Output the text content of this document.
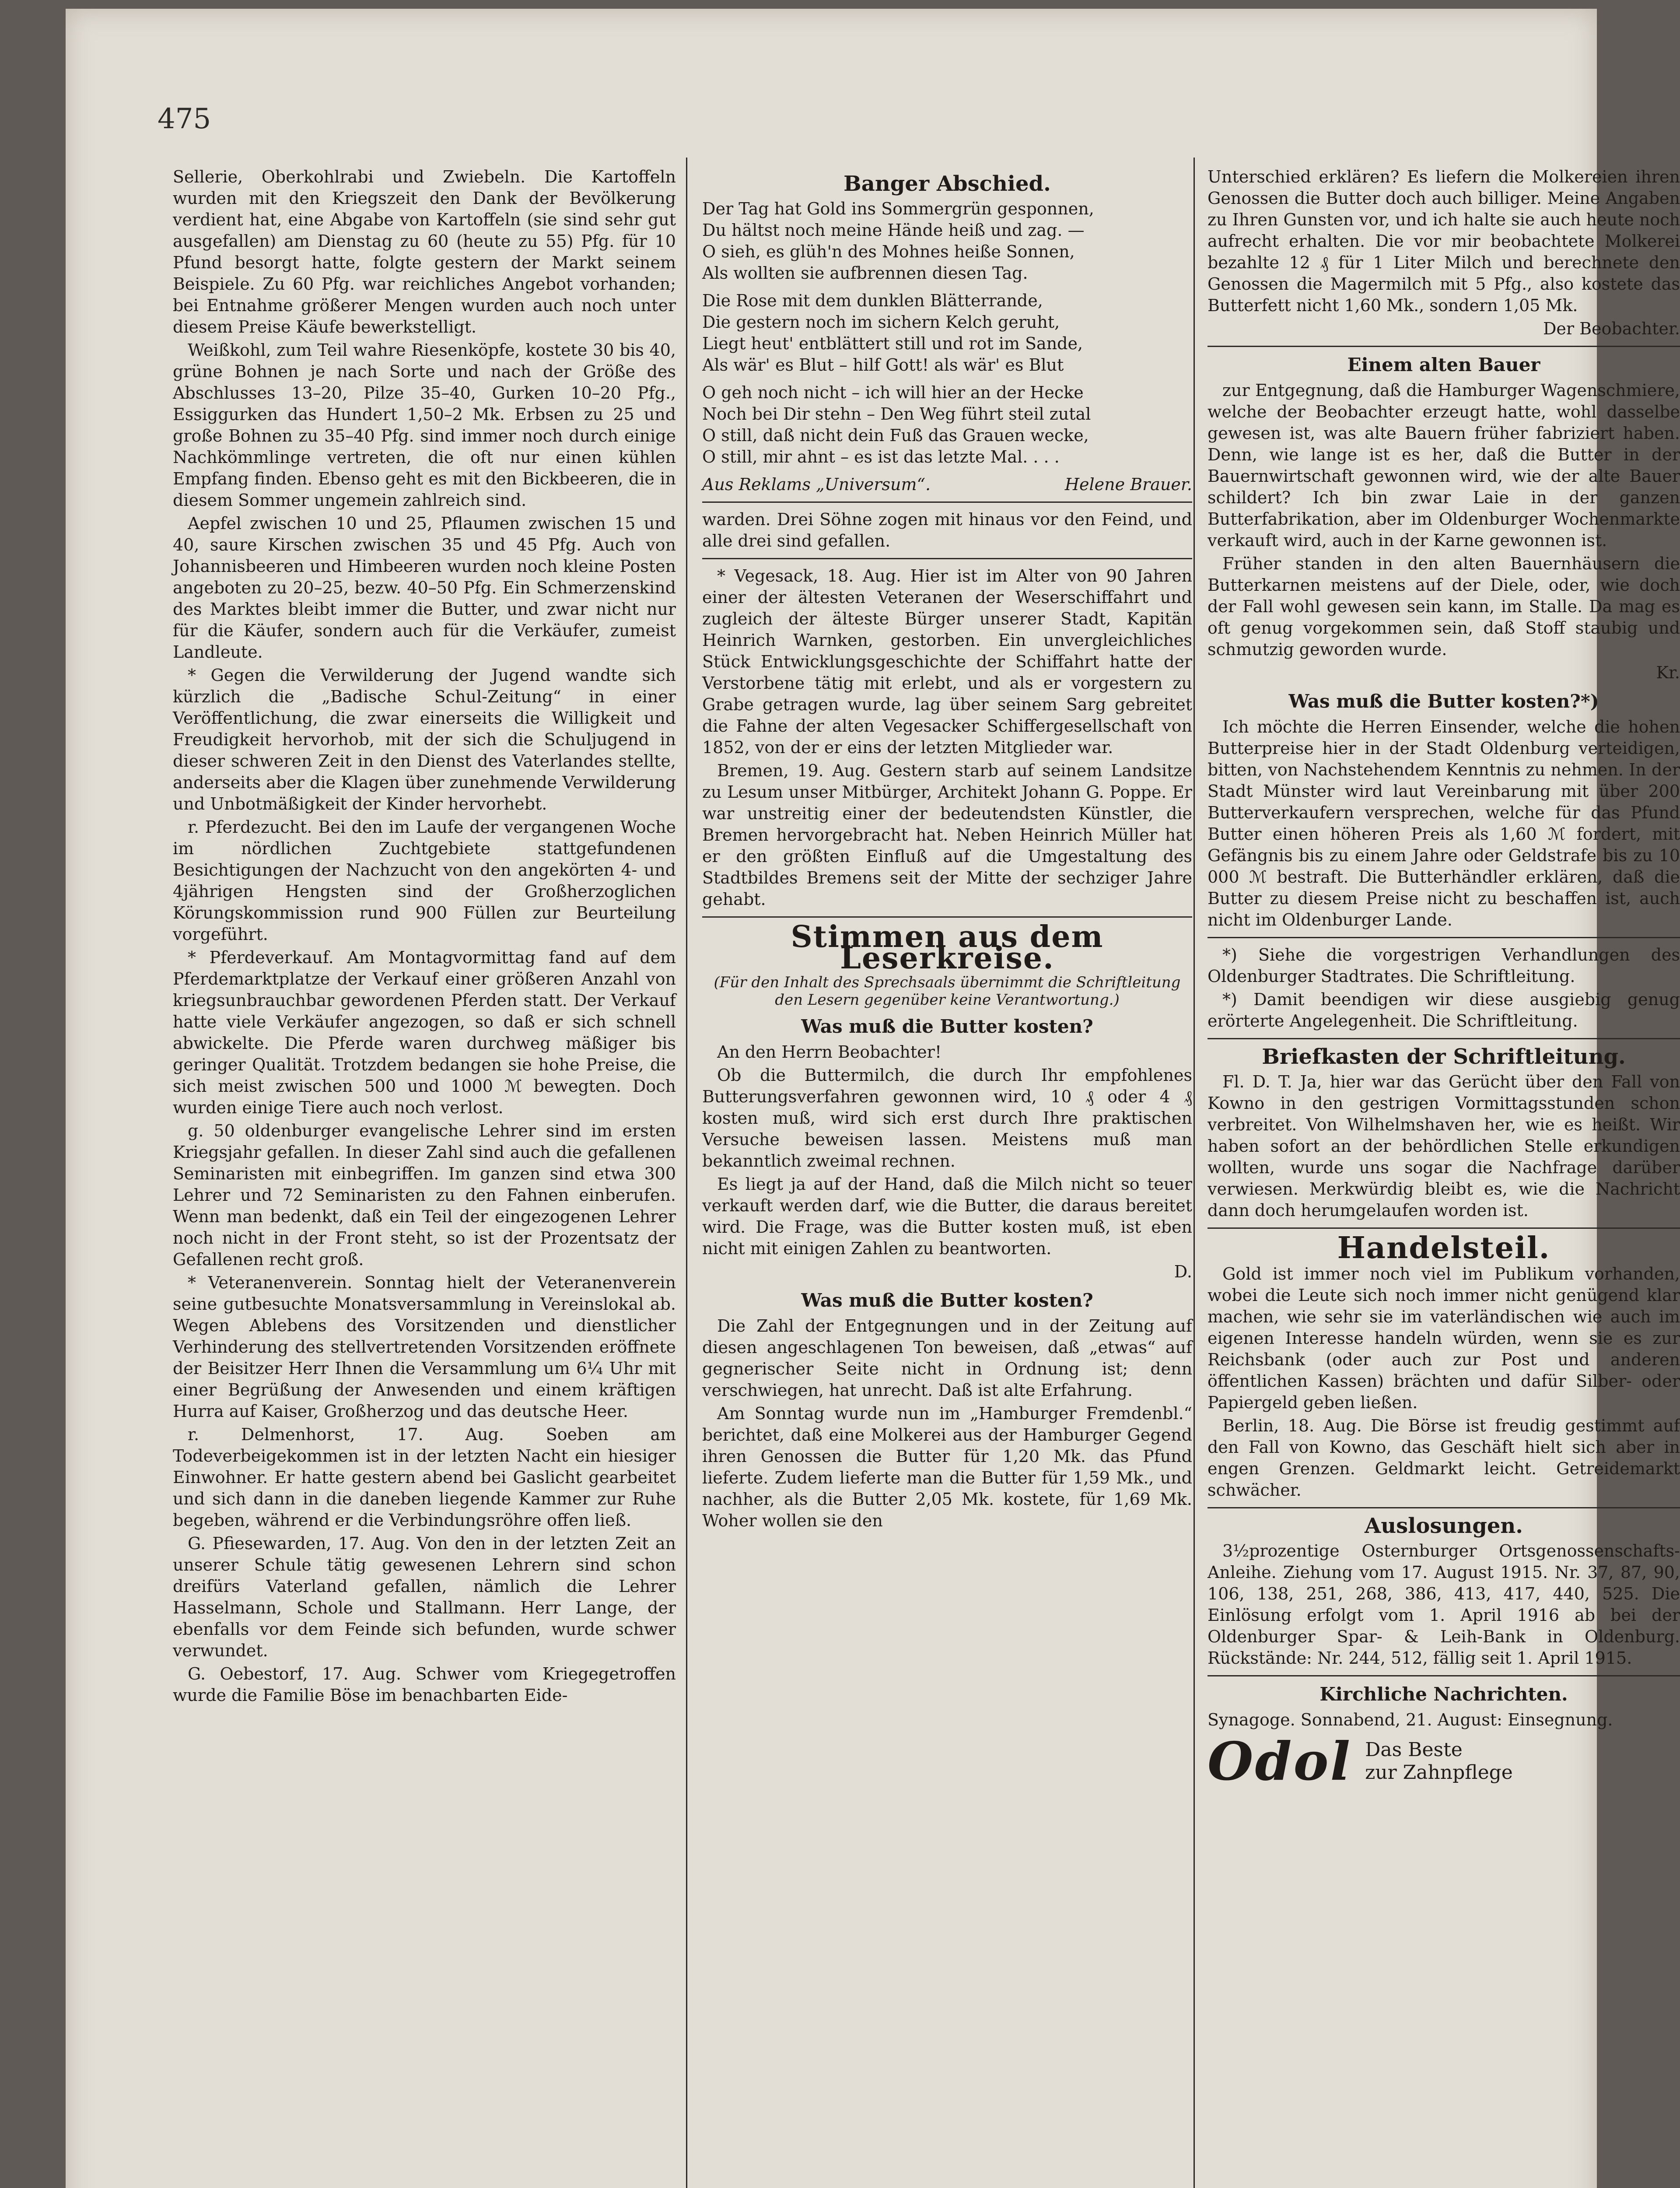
475

Sellerie, Oberkohlrabi und Zwiebeln. Die Kartoffeln wurden mit den Kriegszeit den Dank der Bevölkerung verdient hat, eine Abgabe von Kartoffeln (sie sind sehr gut ausgefallen) am Dienstag zu 60 (heute zu 55) Pfg. für 10 Pfund besorgt hatte, folgte gestern der Markt seinem Beispiele. Zu 60 Pfg. war reichliches Angebot vorhanden; bei Entnahme größerer Mengen wurden auch noch unter diesem Preise Käufe bewerkstelligt.

Weißkohl, zum Teil wahre Riesenköpfe, kostete 30 bis 40, grüne Bohnen je nach Sorte und nach der Größe des Abschlusses 13–20, Pilze 35–40, Gurken 10–20 Pfg., Essiggurken das Hundert 1,50–2 Mk. Erbsen zu 25 und große Bohnen zu 35–40 Pfg. sind immer noch durch einige Nachkömmlinge vertreten, die oft nur einen kühlen Empfang finden. Ebenso geht es mit den Bickbeeren, die in diesem Sommer ungemein zahlreich sind.

Aepfel zwischen 10 und 25, Pflaumen zwischen 15 und 40, saure Kirschen zwischen 35 und 45 Pfg. Auch von Johannisbeeren und Himbeeren wurden noch kleine Posten angeboten zu 20–25, bezw. 40–50 Pfg. Ein Schmerzenskind des Marktes bleibt immer die Butter, und zwar nicht nur für die Käufer, sondern auch für die Verkäufer, zumeist Landleute.

* Gegen die Verwilderung der Jugend wandte sich kürzlich die „Badische Schul-Zeitung“ in einer Veröffentlichung, die zwar einerseits die Willigkeit und Freudigkeit hervorhob, mit der sich die Schuljugend in dieser schweren Zeit in den Dienst des Vaterlandes stellte, anderseits aber die Klagen über zunehmende Verwilderung und Unbotmäßigkeit der Kinder hervorhebt.

r. Pferdezucht. Bei den im Laufe der vergangenen Woche im nördlichen Zuchtgebiete stattgefundenen Besichtigungen der Nachzucht von den angekörten 4- und 4jährigen Hengsten sind der Großherzoglichen Körungskommission rund 900 Füllen zur Beurteilung vorgeführt.

* Pferdeverkauf. Am Montagvormittag fand auf dem Pferdemarktplatze der Verkauf einer größeren Anzahl von kriegsunbrauchbar gewordenen Pferden statt. Der Verkauf hatte viele Verkäufer angezogen, so daß er sich schnell abwickelte. Die Pferde waren durchweg mäßiger bis geringer Qualität. Trotzdem bedangen sie hohe Preise, die sich meist zwischen 500 und 1000 ℳ bewegten. Doch wurden einige Tiere auch noch verlost.

g. 50 oldenburger evangelische Lehrer sind im ersten Kriegsjahr gefallen. In dieser Zahl sind auch die gefallenen Seminaristen mit einbegriffen. Im ganzen sind etwa 300 Lehrer und 72 Seminaristen zu den Fahnen einberufen. Wenn man bedenkt, daß ein Teil der eingezogenen Lehrer noch nicht in der Front steht, so ist der Prozentsatz der Gefallenen recht groß.

* Veteranenverein. Sonntag hielt der Veteranenverein seine gutbesuchte Monatsversammlung in Vereinslokal ab. Wegen Ablebens des Vorsitzenden und dienstlicher Verhinderung des stellvertretenden Vorsitzenden eröffnete der Beisitzer Herr Ihnen die Versammlung um 6¼ Uhr mit einer Begrüßung der Anwesenden und einem kräftigen Hurra auf Kaiser, Großherzog und das deutsche Heer.

r. Delmenhorst, 17. Aug. Soeben am Todeverbeigekommen ist in der letzten Nacht ein hiesiger Einwohner. Er hatte gestern abend bei Gaslicht gearbeitet und sich dann in die daneben liegende Kammer zur Ruhe begeben, während er die Verbindungsröhre offen ließ.

G. Pfiesewarden, 17. Aug. Von den in der letzten Zeit an unserer Schule tätig gewesenen Lehrern sind schon dreifürs Vaterland gefallen, nämlich die Lehrer Hasselmann, Schole und Stallmann. Herr Lange, der ebenfalls vor dem Feinde sich befunden, wurde schwer verwundet.

G. Oebestorf, 17. Aug. Schwer vom Kriegegetroffen wurde die Familie Böse im benachbarten Eide-

Banger Abschied.

Der Tag hat Gold ins Sommergrün gesponnen,

Du hältst noch meine Hände heiß und zag. —

O sieh, es glüh'n des Mohnes heiße Sonnen,

Als wollten sie aufbrennen diesen Tag.

Die Rose mit dem dunklen Blätterrande,

Die gestern noch im sichern Kelch geruht,

Liegt heut' entblättert still und rot im Sande,

Als wär' es Blut – hilf Gott! als wär' es Blut

O geh noch nicht – ich will hier an der Hecke

Noch bei Dir stehn – Den Weg führt steil zutal

O still, daß nicht dein Fuß das Grauen wecke,

O still, mir ahnt – es ist das letzte Mal. . . .

Aus Reklams „Universum“.	Helene Brauer.

warden. Drei Söhne zogen mit hinaus vor den Feind, und alle drei sind gefallen.

* Vegesack, 18. Aug. Hier ist im Alter von 90 Jahren einer der ältesten Veteranen der Weserschiffahrt und zugleich der älteste Bürger unserer Stadt, Kapitän Heinrich Warnken, gestorben. Ein unvergleichliches Stück Entwicklungsgeschichte der Schiffahrt hatte der Verstorbene tätig mit erlebt, und als er vorgestern zu Grabe getragen wurde, lag über seinem Sarg gebreitet die Fahne der alten Vegesacker Schiffergesellschaft von 1852, von der er eins der letzten Mitglieder war.

Bremen, 19. Aug. Gestern starb auf seinem Landsitze zu Lesum unser Mitbürger, Architekt Johann G. Poppe. Er war unstreitig einer der bedeutendsten Künstler, die Bremen hervorgebracht hat. Neben Heinrich Müller hat er den größten Einfluß auf die Umgestaltung des Stadtbildes Bremens seit der Mitte der sechziger Jahre gehabt.

Stimmen aus dem Leserkreise.
(Für den Inhalt des Sprechsaals übernimmt die Schriftleitung den Lesern gegenüber keine Verantwortung.)
Was muß die Butter kosten?

An den Herrn Beobachter!

Ob die Buttermilch, die durch Ihr empfohlenes Butterungsverfahren gewonnen wird, 10 ₰ oder 4 ₰ kosten muß, wird sich erst durch Ihre praktischen Versuche beweisen lassen. Meistens muß man bekanntlich zweimal rechnen.

Es liegt ja auf der Hand, daß die Milch nicht so teuer verkauft werden darf, wie die Butter, die daraus bereitet wird. Die Frage, was die Butter kosten muß, ist eben nicht mit einigen Zahlen zu beantworten.

D.
Was muß die Butter kosten?

Die Zahl der Entgegnungen und in der Zeitung auf diesen angeschlagenen Ton beweisen, daß „etwas“ auf gegnerischer Seite nicht in Ordnung ist; denn verschwiegen, hat unrecht. Daß ist alte Erfahrung.

Am Sonntag wurde nun im „Hamburger Fremdenbl.“ berichtet, daß eine Molkerei aus der Hamburger Gegend ihren Genossen die Butter für 1,20 Mk. das Pfund lieferte. Zudem lieferte man die Butter für 1,59 Mk., und nachher, als die Butter 2,05 Mk. kostete, für 1,69 Mk. Woher wollen sie den

Unterschied erklären? Es liefern die Molkereien ihren Genossen die Butter doch auch billiger. Meine Angaben zu Ihren Gunsten vor, und ich halte sie auch heute noch aufrecht erhalten. Die vor mir beobachtete Molkerei bezahlte 12 ₰ für 1 Liter Milch und berechnete den Genossen die Magermilch mit 5 Pfg., also kostete das Butterfett nicht 1,60 Mk., sondern 1,05 Mk.

Der Beobachter.
Einem alten Bauer

zur Entgegnung, daß die Hamburger Wagenschmiere, welche der Beobachter erzeugt hatte, wohl dasselbe gewesen ist, was alte Bauern früher fabriziert haben. Denn, wie lange ist es her, daß die Butter in der Bauernwirtschaft gewonnen wird, wie der alte Bauer schildert? Ich bin zwar Laie in der ganzen Butterfabrikation, aber im Oldenburger Wochenmarkte verkauft wird, auch in der Karne gewonnen ist.

Früher standen in den alten Bauernhäusern die Butterkarnen meistens auf der Diele, oder, wie doch der Fall wohl gewesen sein kann, im Stalle. Da mag es oft genug vorgekommen sein, daß Stoff staubig und schmutzig geworden wurde.

Kr.
Was muß die Butter kosten?*)

Ich möchte die Herren Einsender, welche die hohen Butterpreise hier in der Stadt Oldenburg verteidigen, bitten, von Nachstehendem Kenntnis zu nehmen. In der Stadt Münster wird laut Vereinbarung mit über 200 Butterverkaufern versprechen, welche für das Pfund Butter einen höheren Preis als 1,60 ℳ fordert, mit Gefängnis bis zu einem Jahre oder Geldstrafe bis zu 10 000 ℳ bestraft. Die Butterhändler erklären, daß die Butter zu diesem Preise nicht zu beschaffen ist, auch nicht im Oldenburger Lande.

*) Siehe die vorgestrigen Verhandlungen des Oldenburger Stadtrates. Die Schriftleitung.

*) Damit beendigen wir diese ausgiebig genug erörterte Angelegenheit. Die Schriftleitung.

Briefkasten der Schriftleitung.

Fl. D. T. Ja, hier war das Gerücht über den Fall von Kowno in den gestrigen Vormittagsstunden schon verbreitet. Von Wilhelmshaven her, wie es heißt. Wir haben sofort an der behördlichen Stelle erkundigen wollten, wurde uns sogar die Nachfrage darüber verwiesen. Merkwürdig bleibt es, wie die Nachricht dann doch herumgelaufen worden ist.

Handelsteil.

Gold ist immer noch viel im Publikum vorhanden, wobei die Leute sich noch immer nicht genügend klar machen, wie sehr sie im vaterländischen wie auch im eigenen Interesse handeln würden, wenn sie es zur Reichsbank (oder auch zur Post und anderen öffentlichen Kassen) brächten und dafür Silber- oder Papiergeld geben ließen.

Berlin, 18. Aug. Die Börse ist freudig gestimmt auf den Fall von Kowno, das Geschäft hielt sich aber in engen Grenzen. Geldmarkt leicht. Getreidemarkt schwächer.

Auslosungen.

3½prozentige Osternburger Ortsgenossenschafts-Anleihe. Ziehung vom 17. August 1915. Nr. 37, 87, 90, 106, 138, 251, 268, 386, 413, 417, 440, 525. Die Einlösung erfolgt vom 1. April 1916 ab bei der Oldenburger Spar- & Leih-Bank in Oldenburg. Rückstände: Nr. 244, 512, fällig seit 1. April 1915.

Kirchliche Nachrichten.

Synagoge. Sonnabend, 21. August: Einsegnung.

Odol Das Beste
zur Zahnpflege
